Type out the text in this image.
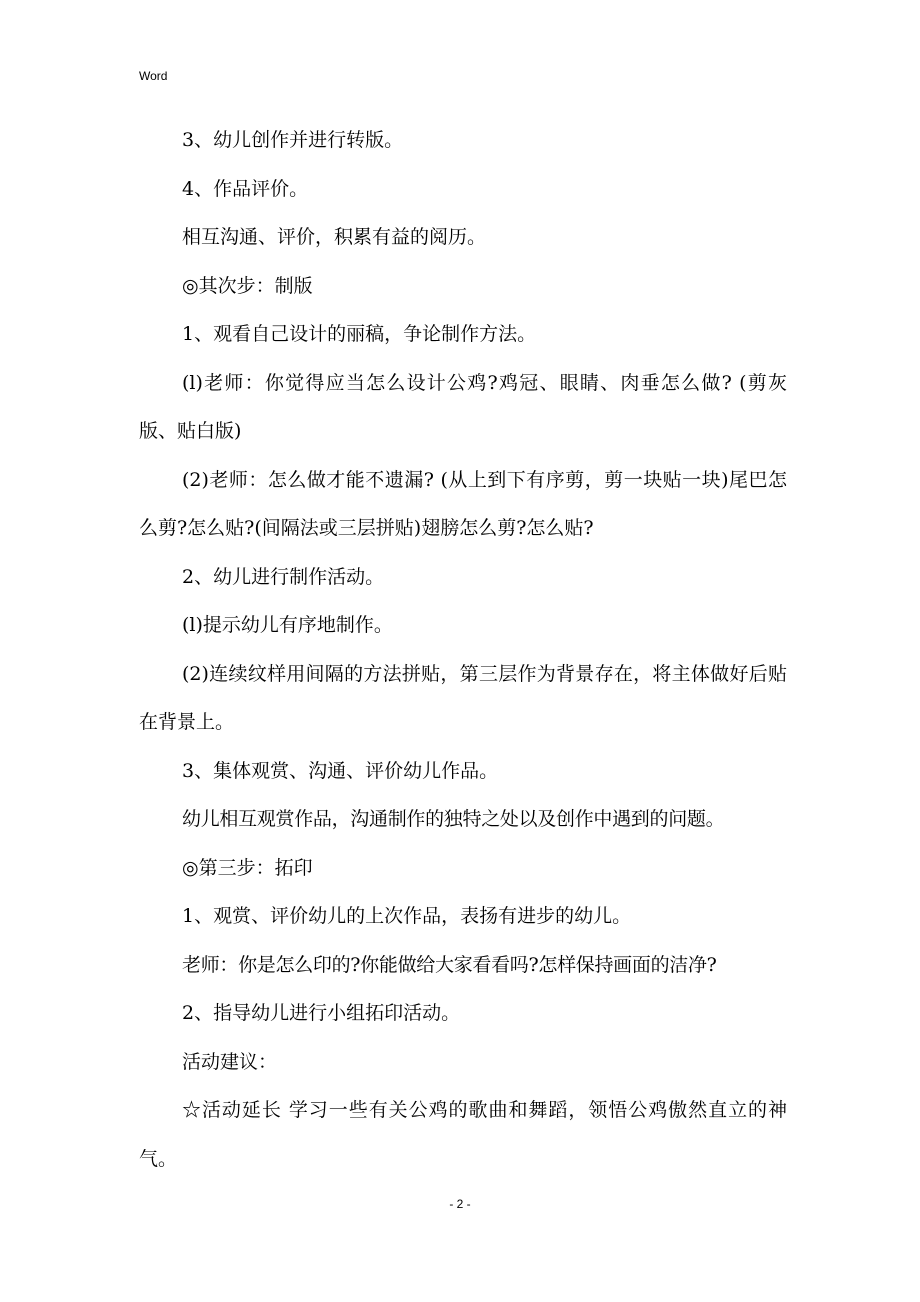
Word

3、幼儿创作并进行转版。

4、作品评价。

相互沟通、评价，积累有益的阅历。

◎其次步：制版

1、观看自己设计的丽稿，争论制作方法。

(l)老师：你觉得应当怎么设计公鸡?鸡冠、眼睛、肉垂怎么做? (剪灰版、贴白版)

(2)老师：怎么做才能不遗漏? (从上到下有序剪，剪一块贴一块)尾巴怎么剪?怎么贴?(间隔法或三层拼贴)翅膀怎么剪?怎么贴?

2、幼儿进行制作活动。

(l)提示幼儿有序地制作。

(2)连续纹样用间隔的方法拼贴，第三层作为背景存在，将主体做好后贴在背景上。

3、集体观赏、沟通、评价幼儿作品。

幼儿相互观赏作品，沟通制作的独特之处以及创作中遇到的问题。

◎第三步：拓印

1、观赏、评价幼儿的上次作品，表扬有进步的幼儿。

老师：你是怎么印的?你能做给大家看看吗?怎样保持画面的洁净?

2、指导幼儿进行小组拓印活动。

活动建议：

☆活动延长 学习一些有关公鸡的歌曲和舞蹈，领悟公鸡傲然直立的神气。

- 2 -
